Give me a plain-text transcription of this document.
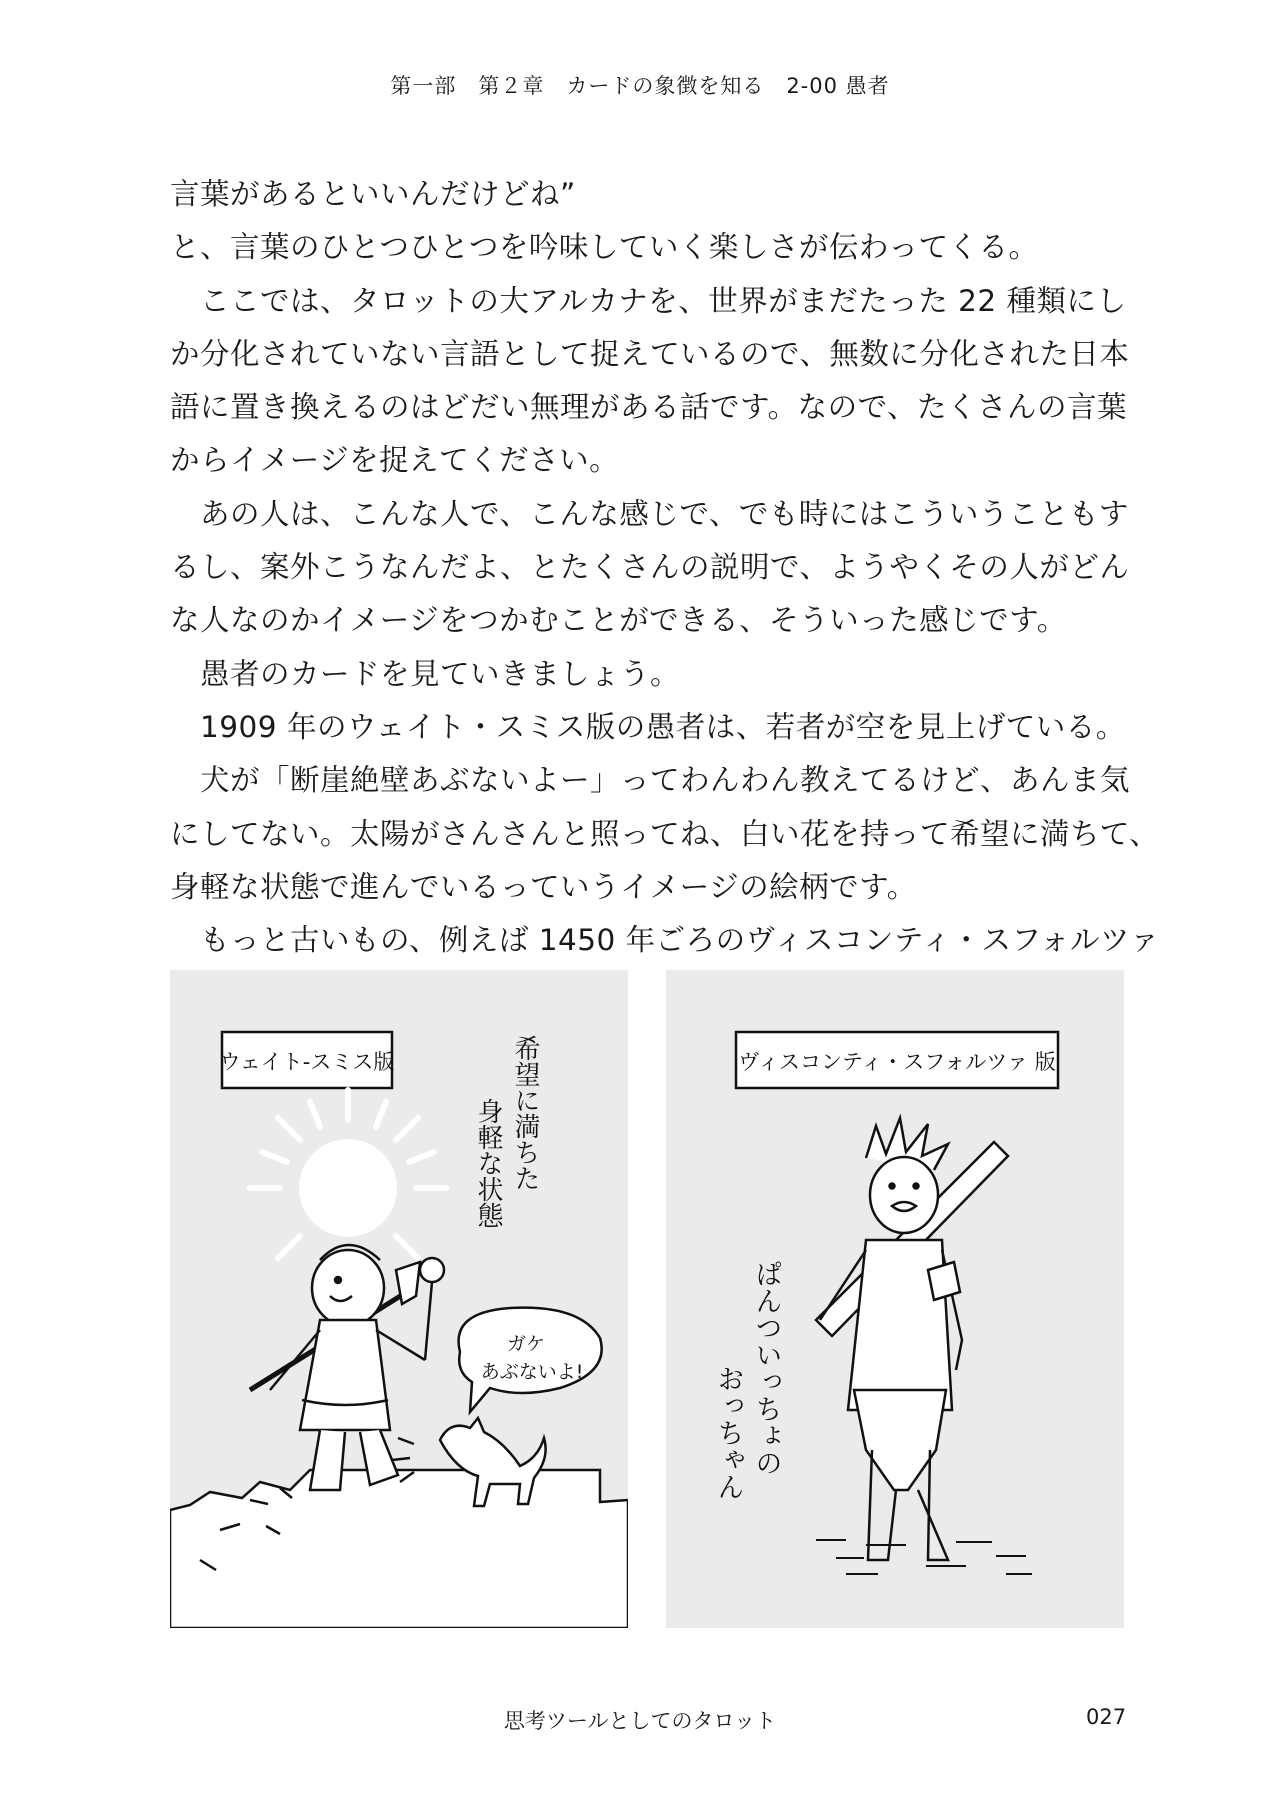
第一部　第２章　カードの象徴を知る　2-00 愚者

言葉があるといいんだけどね”

と、言葉のひとつひとつを吟味していく楽しさが伝わってくる。

　ここでは、タロットの大アルカナを、世界がまだたった 22 種類にし

か分化されていない言語として捉えているので、無数に分化された日本

語に置き換えるのはどだい無理がある話です。なので、たくさんの言葉

からイメージを捉えてください。

　あの人は、こんな人で、こんな感じで、でも時にはこういうこともす

るし、案外こうなんだよ、とたくさんの説明で、ようやくその人がどん

な人なのかイメージをつかむことができる、そういった感じです。

　愚者のカードを見ていきましょう。

　1909 年のウェイト・スミス版の愚者は、若者が空を見上げている。

　犬が「断崖絶壁あぶないよー」ってわんわん教えてるけど、あんま気

にしてない。太陽がさんさんと照ってね、白い花を持って希望に満ちて、

身軽な状態で進んでいるっていうイメージの絵柄です。

　もっと古いもの、例えば 1450 年ごろのヴィスコンティ・スフォルツァ

ウェイト-スミス版	希望に満ちた
身軽な状態
ガケ
あぶないよ!
ヴィスコンティ・スフォルツァ 版
ぱんついっちょの
おっちゃん
思考ツールとしてのタロット	027
